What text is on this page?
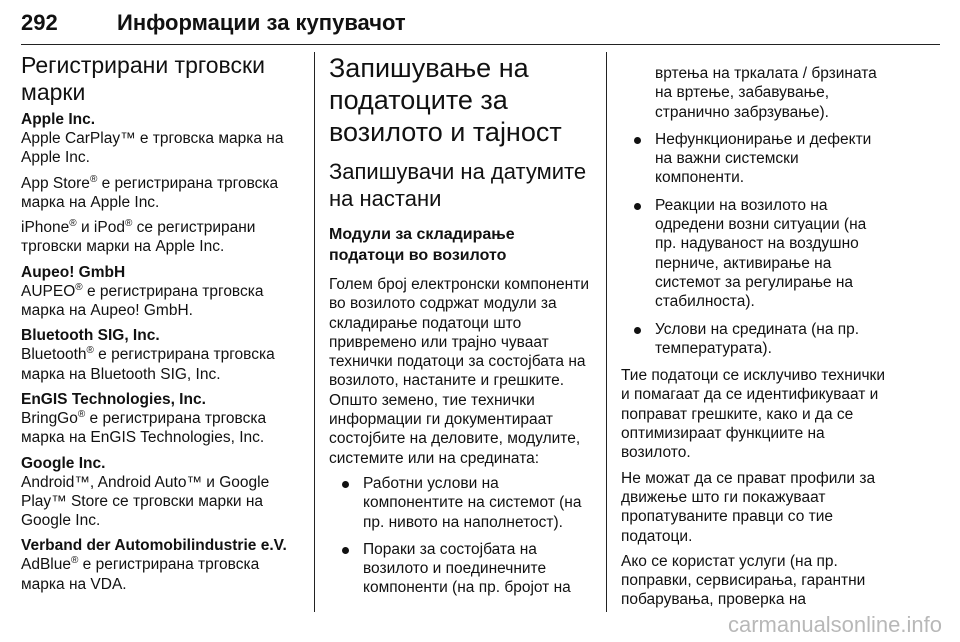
292	Информации за купувачот
Регистрирани трговски
марки
Apple Inc.

Apple CarPlay™ е трговска марка на Apple Inc.

App Store® е регистрирана трговска марка на Apple Inc.

iPhone® и iPod® се регистрирани трговски марки на Apple Inc.

Aupeo! GmbH

AUPEO® е регистрирана трговска марка на Aupeo! GmbH.

Bluetooth SIG, Inc.

Bluetooth® е регистрирана трговска марка на Bluetooth SIG, Inc.

EnGIS Technologies, Inc.

BringGo® е регистрирана трговска марка на EnGIS Technologies, Inc.

Google Inc.

Android™, Android Auto™ и Google Play™ Store се трговски марки на Google Inc.

Verband der Automobilindustrie e.V.

AdBlue® е регистрирана трговска марка на VDA.

Запишување на
податоците за
возилото и тајност
Запишувачи на датумите
на настани
Модули за складирање
податоци во возилото

Голем број електронски компоненти во возилото содржат модули за складирање податоци што привремено или трајно чуваат технички податоци за состојбата на возилото, настаните и грешките. Општо земено, тие технички информации ги документираат состојбите на деловите, модулите, системите или на средината:

Работни услови на компонентите на системот (на пр. нивото на наполнетост).
Пораки за состојбата на возилото и поединечните компоненти (на пр. бројот на
вртења на тркалата / брзината на вртење, забавување, странично забрзување).
Нефункционирање и дефекти на важни системски компоненти.
Реакции на возилото на одредени возни ситуации (на пр. надуваност на воздушно перниче, активирање на системот за регулирање на стабилноста).
Услови на средината (на пр. температурата).

Тие податоци се исклучиво технички и помагаат да се идентификуваат и поправат грешките, како и да се оптимизираат функциите на возилото.

Не можат да се прават профили за движење што ги покажуваат пропатуваните правци со тие податоци.

Ако се користат услуги (на пр. поправки, сервисирања, гарантни побарувања, проверка на

carmanualsonline.info
